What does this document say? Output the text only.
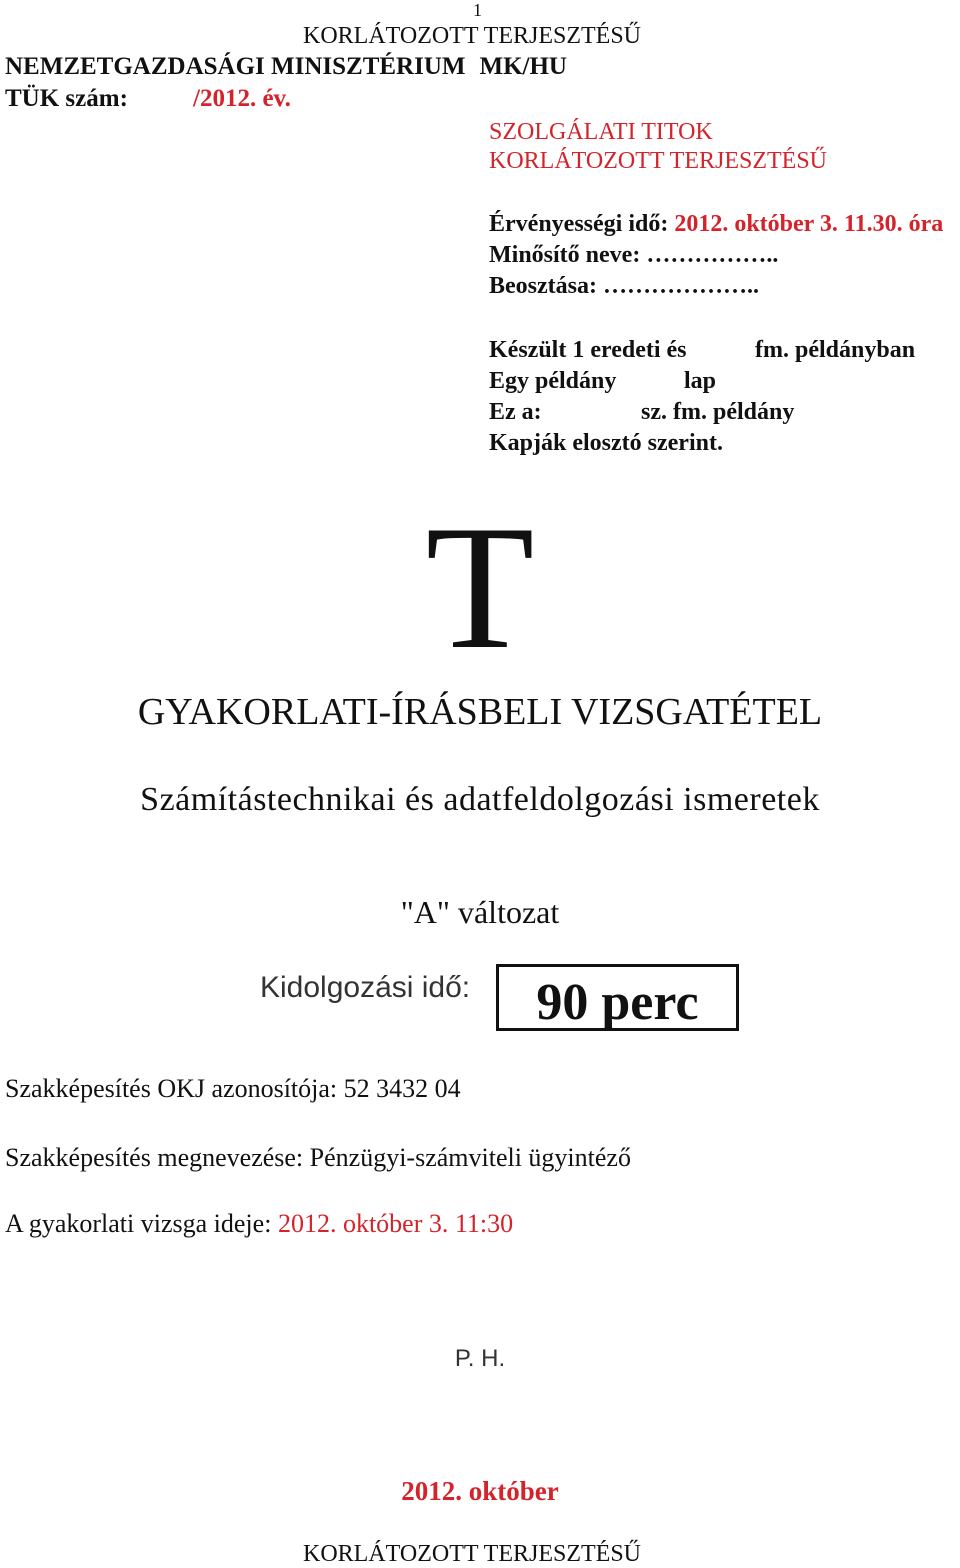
1
KORLÁTOZOTT TERJESZTÉSŰ
NEMZETGAZDASÁGI MINISZTÉRIUM MK/HU
TÜK szám:	/2012. év.
SZOLGÁLATI TITOK
KORLÁTOZOTT TERJESZTÉSŰ
Érvényességi idő: 2012. október 3. 11.30. óra
Minősítő neve: ……………..
Beosztása: ………………..
Készült 1 eredeti és	fm. példányban
Egy példány	lap
Ez a:	sz. fm. példány
Kapják elosztó szerint.
T
GYAKORLATI-ÍRÁSBELI VIZSGATÉTEL
Számítástechnikai és adatfeldolgozási ismeretek
"A" változat
Kidolgozási idő:	90 perc
Szakképesítés OKJ azonosítója: 52 3432 04
Szakképesítés megnevezése: Pénzügyi-számviteli ügyintéző
A gyakorlati vizsga ideje: 2012. október 3. 11:30
P. H.
2012. október
KORLÁTOZOTT TERJESZTÉSŰ
